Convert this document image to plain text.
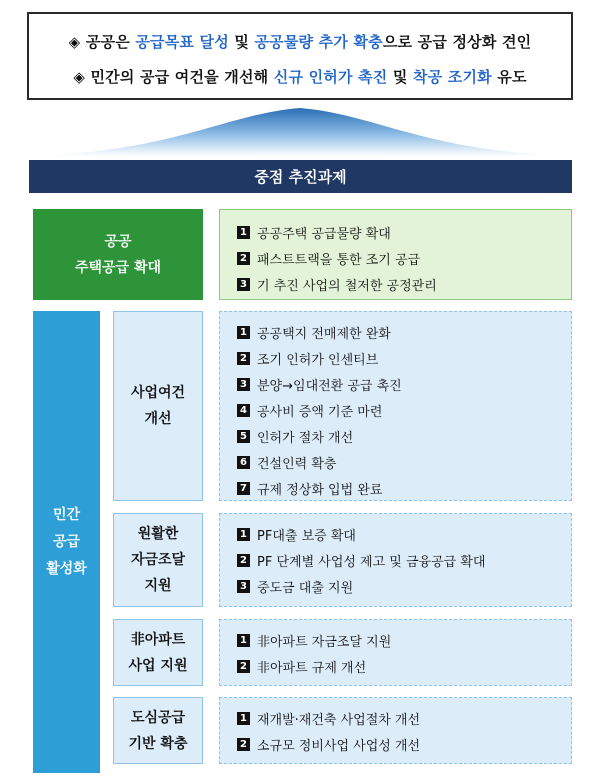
◈ 공공은 공급목표 달성 및 공공물량 추가 확충으로 공급 정상화 견인
◈ 민간의 공급 여건을 개선해 신규 인허가 촉진 및 착공 조기화 유도
중점 추진과제
공공
주택공급 확대
1 공공주택 공급물량 확대
2 패스트트랙을 통한 조기 공급
3 기 추진 사업의 철저한 공정관리
민간
공급
활성화
사업여건
개선
1 공공택지 전매제한 완화
2 조기 인허가 인센티브
3 분양→임대전환 공급 촉진
4 공사비 증액 기준 마련
5 인허가 절차 개선
6 건설인력 확충
7 규제 정상화 입법 완료
원활한
자금조달
지원
1 PF대출 보증 확대
2 PF 단계별 사업성 제고 및 금융공급 확대
3 중도금 대출 지원
非아파트
사업 지원
1 非아파트 자금조달 지원
2 非아파트 규제 개선
도심공급
기반 확충
1 재개발·재건축 사업절차 개선
2 소규모 정비사업 사업성 개선
